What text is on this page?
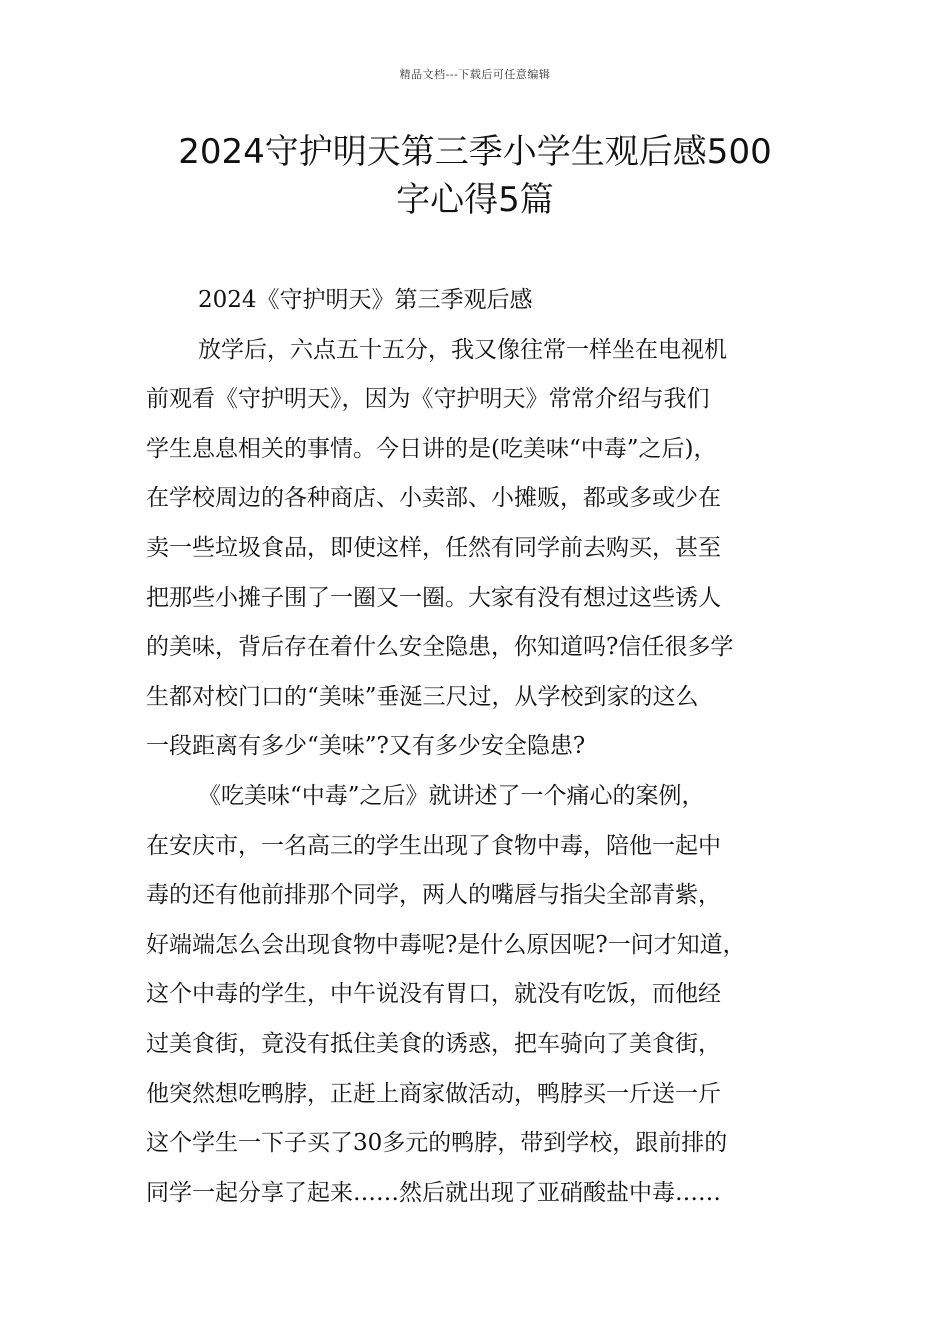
精品文档---下载后可任意编辑
2024守护明天第三季小学生观后感500
字心得5篇
2024《守护明天》第三季观后感
放学后，六点五十五分，我又像往常一样坐在电视机
前观看《守护明天》，因为《守护明天》常常介绍与我们
学生息息相关的事情。今日讲的是(吃美味“中毒”之后)，
在学校周边的各种商店、小卖部、小摊贩，都或多或少在
卖一些垃圾食品，即使这样，任然有同学前去购买，甚至
把那些小摊子围了一圈又一圈。大家有没有想过这些诱人
的美味，背后存在着什么安全隐患，你知道吗?信任很多学
生都对校门口的“美味”垂涎三尺过，从学校到家的这么
一段距离有多少“美味”?又有多少安全隐患?
《吃美味“中毒”之后》就讲述了一个痛心的案例，
在安庆市，一名高三的学生出现了食物中毒，陪他一起中
毒的还有他前排那个同学，两人的嘴唇与指尖全部青紫，
好端端怎么会出现食物中毒呢?是什么原因呢?一问才知道，
这个中毒的学生，中午说没有胃口，就没有吃饭，而他经
过美食街，竟没有抵住美食的诱惑，把车骑向了美食街，
他突然想吃鸭脖，正赶上商家做活动，鸭脖买一斤送一斤
这个学生一下子买了30多元的鸭脖，带到学校，跟前排的
同学一起分享了起来……然后就出现了亚硝酸盐中毒……
